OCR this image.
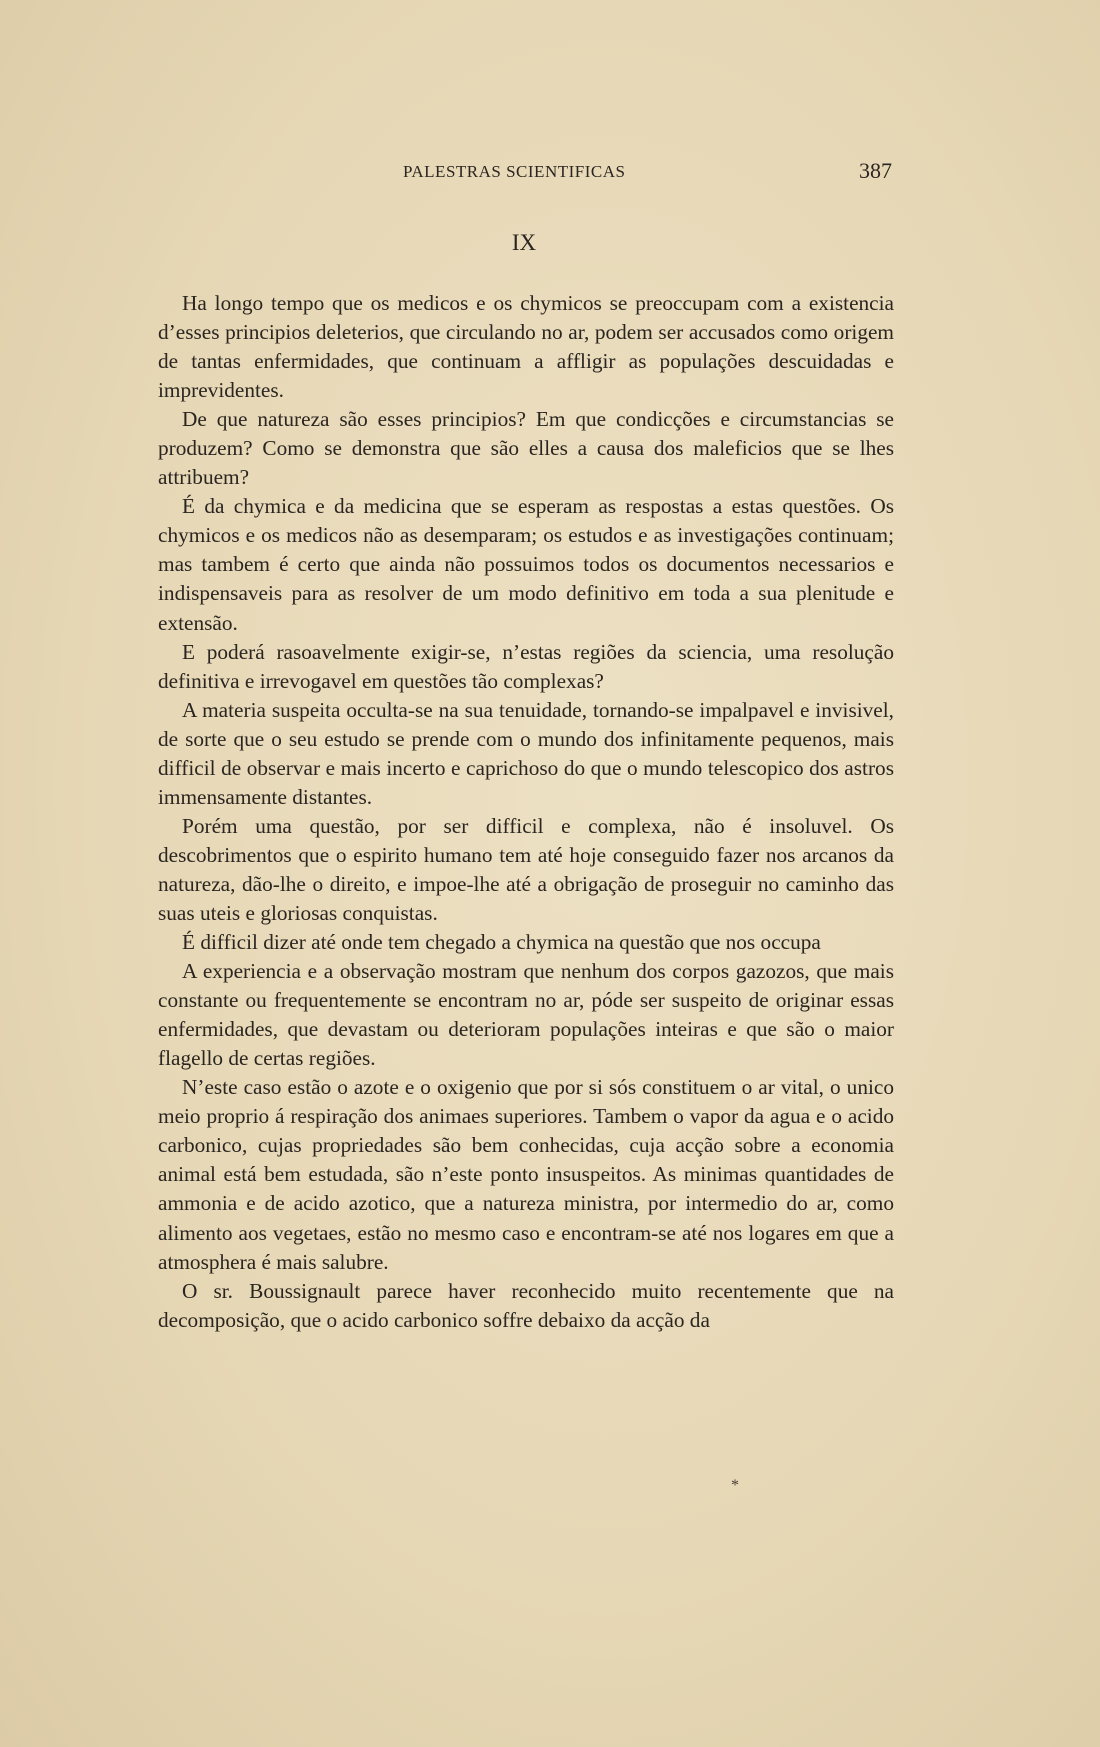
PALESTRAS SCIENTIFICAS	387
IX

Ha longo tempo que os medicos e os chymicos se preoccupam com a existencia d’esses principios deleterios, que circulando no ar, podem ser accusados como origem de tantas enfermidades, que continuam a affligir as populações descuidadas e imprevidentes.

De que natureza são esses principios? Em que condicções e circumstancias se produzem? Como se demonstra que são elles a causa dos maleficios que se lhes attribuem?

É da chymica e da medicina que se esperam as respostas a estas questões. Os chymicos e os medicos não as desemparam; os estudos e as investigações continuam; mas tambem é certo que ainda não possuimos todos os documentos necessarios e indispensaveis para as resolver de um modo definitivo em toda a sua plenitude e extensão.

E poderá rasoavelmente exigir-se, n’estas regiões da sciencia, uma resolução definitiva e irrevogavel em questões tão complexas?

A materia suspeita occulta-se na sua tenuidade, tornando-se impalpavel e invisivel, de sorte que o seu estudo se prende com o mundo dos infinitamente pequenos, mais difficil de observar e mais incerto e caprichoso do que o mundo telescopico dos astros immensamente distantes.

Porém uma questão, por ser difficil e complexa, não é insoluvel. Os descobrimentos que o espirito humano tem até hoje conseguido fazer nos arcanos da natureza, dão-lhe o direito, e impoe-lhe até a obrigação de proseguir no caminho das suas uteis e gloriosas conquistas.

É difficil dizer até onde tem chegado a chymica na questão que nos occupa

A experiencia e a observação mostram que nenhum dos corpos gazozos, que mais constante ou frequentemente se encontram no ar, póde ser suspeito de originar essas enfermidades, que devastam ou deterioram populações inteiras e que são o maior flagello de certas regiões.

N’este caso estão o azote e o oxigenio que por si sós constituem o ar vital, o unico meio proprio á respiração dos animaes superiores. Tambem o vapor da agua e o acido carbonico, cujas propriedades são bem conhecidas, cuja acção sobre a economia animal está bem estudada, são n’este ponto insuspeitos. As minimas quantidades de ammonia e de acido azotico, que a natureza ministra, por intermedio do ar, como alimento aos vegetaes, estão no mesmo caso e encontram-se até nos logares em que a atmosphera é mais salubre.

O sr. Boussignault parece haver reconhecido muito recentemente que na decomposição, que o acido carbonico soffre debaixo da acção da

*
